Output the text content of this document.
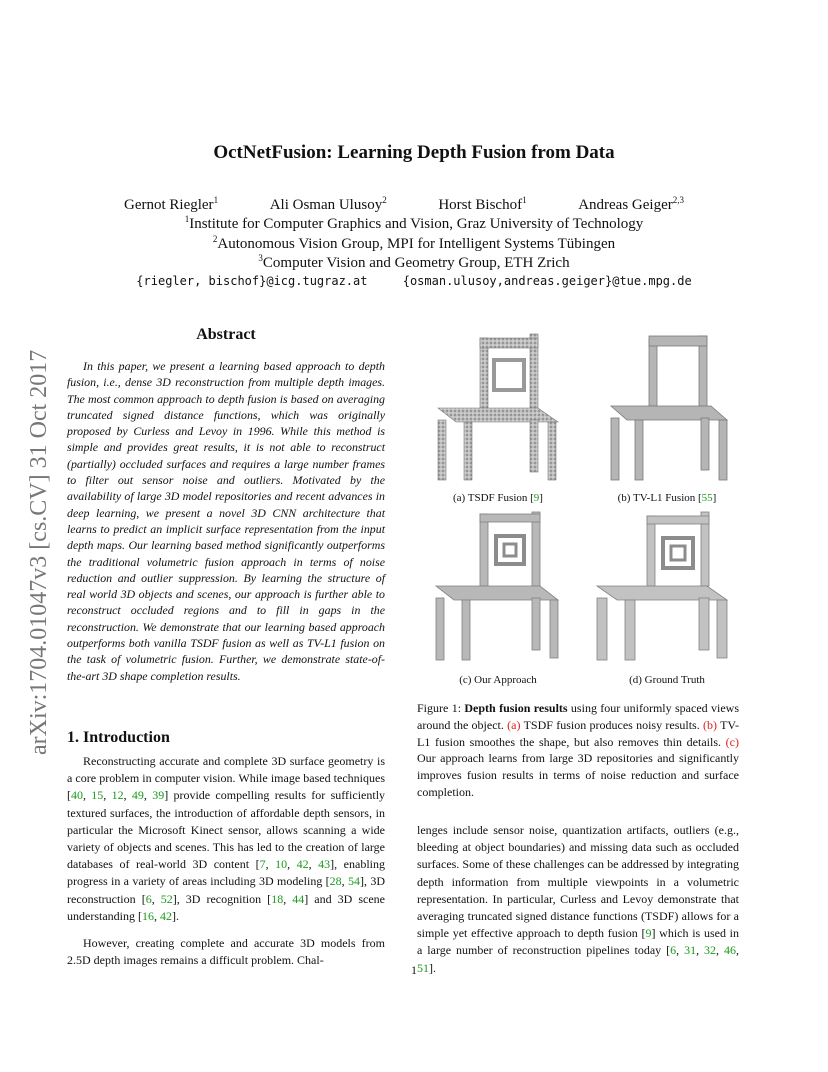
arXiv:1704.01047v3 [cs.CV] 31 Oct 2017
OctNetFusion: Learning Depth Fusion from Data
Gernot Riegler$^1$	Ali Osman Ulusoy$^2$	Horst Bischof$^1$	Andreas Geiger$^{2,3}$
$^1$Institute for Computer Graphics and Vision, Graz University of Technology
$^2$Autonomous Vision Group, MPI for Intelligent Systems Tübingen
$^3$Computer Vision and Geometry Group, ETH Zrich
{riegler, bischof}@icg.tugraz.at	{osman.ulusoy,andreas.geiger}@tue.mpg.de
Abstract
In this paper, we present a learning based approach to depth fusion, i.e., dense 3D reconstruction from multiple depth images. The most common approach to depth fusion is based on averaging truncated signed distance functions, which was originally proposed by Curless and Levoy in 1996. While this method is simple and provides great results, it is not able to reconstruct (partially) occluded surfaces and requires a large number frames to filter out sensor noise and outliers. Motivated by the availability of large 3D model repositories and recent advances in deep learning, we present a novel 3D CNN architecture that learns to predict an implicit surface representation from the input depth maps. Our learning based method significantly outperforms the traditional volumetric fusion approach in terms of noise reduction and outlier suppression. By learning the structure of real world 3D objects and scenes, our approach is further able to reconstruct occluded regions and to fill in gaps in the reconstruction. We demonstrate that our learning based approach outperforms both vanilla TSDF fusion as well as TV-L1 fusion on the task of volumetric fusion. Further, we demonstrate state-of-the-art 3D shape completion results.
1. Introduction
Reconstructing accurate and complete 3D surface geometry is a core problem in computer vision. While image based techniques [40, 15, 12, 49, 39] provide compelling results for sufficiently textured surfaces, the introduction of affordable depth sensors, in particular the Microsoft Kinect sensor, allows scanning a wide variety of objects and scenes. This has led to the creation of large databases of real-world 3D content [7, 10, 42, 43], enabling progress in a variety of areas including 3D modeling [28, 54], 3D reconstruction [6, 52], 3D recognition [18, 44] and 3D scene understanding [16, 42].
However, creating complete and accurate 3D models from 2.5D depth images remains a difficult problem. Chal-
(a) TSDF Fusion [9]	(b) TV-L1 Fusion [55]
(c) Our Approach	(d) Ground Truth
Figure 1: Depth fusion results using four uniformly spaced views around the object. (a) TSDF fusion produces noisy results. (b) TV-L1 fusion smoothes the shape, but also removes thin details. (c) Our approach learns from large 3D repositories and significantly improves fusion results in terms of noise reduction and surface completion.
lenges include sensor noise, quantization artifacts, outliers (e.g., bleeding at object boundaries) and missing data such as occluded surfaces. Some of these challenges can be addressed by integrating depth information from multiple viewpoints in a volumetric representation. In particular, Curless and Levoy demonstrate that averaging truncated signed distance functions (TSDF) allows for a simple yet effective approach to depth fusion [9] which is used in a large number of reconstruction pipelines today [6, 31, 32, 46, 51].
1
